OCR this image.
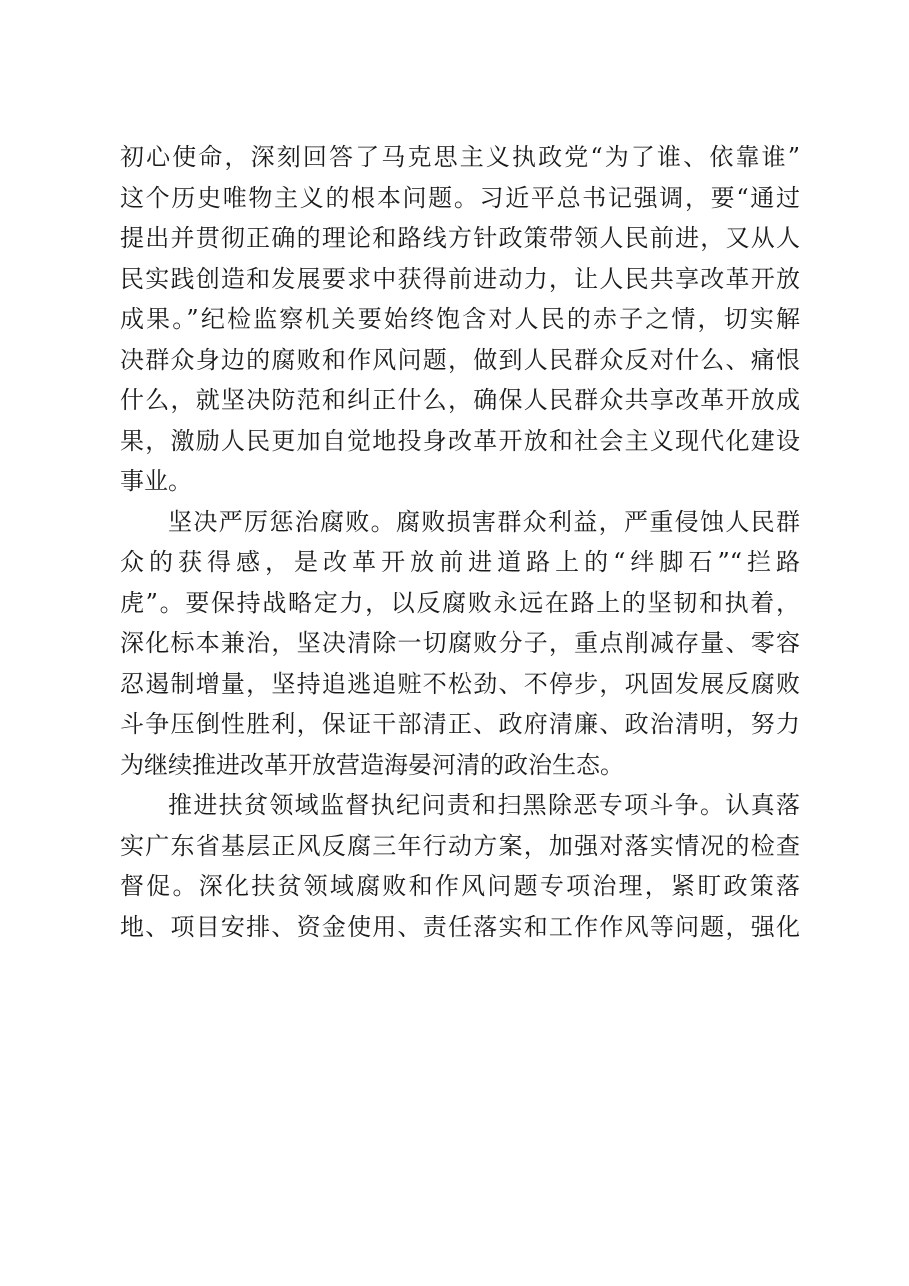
初心使命，深刻回答了马克思主义执政党“为了谁、依靠谁”
这个历史唯物主义的根本问题。习近平总书记强调，要“通过
提出并贯彻正确的理论和路线方针政策带领人民前进，又从人
民实践创造和发展要求中获得前进动力，让人民共享改革开放
成果。”纪检监察机关要始终饱含对人民的赤子之情，切实解
决群众身边的腐败和作风问题，做到人民群众反对什么、痛恨
什么，就坚决防范和纠正什么，确保人民群众共享改革开放成
果，激励人民更加自觉地投身改革开放和社会主义现代化建设
事业。
坚决严厉惩治腐败。腐败损害群众利益，严重侵蚀人民群
众的获得感，是改革开放前进道路上的“绊脚石”“拦路
虎”。要保持战略定力，以反腐败永远在路上的坚韧和执着，
深化标本兼治，坚决清除一切腐败分子，重点削减存量、零容
忍遏制增量，坚持追逃追赃不松劲、不停步，巩固发展反腐败
斗争压倒性胜利，保证干部清正、政府清廉、政治清明，努力
为继续推进改革开放营造海晏河清的政治生态。
推进扶贫领域监督执纪问责和扫黑除恶专项斗争。认真落
实广东省基层正风反腐三年行动方案，加强对落实情况的检查
督促。深化扶贫领域腐败和作风问题专项治理，紧盯政策落
地、项目安排、资金使用、责任落实和工作作风等问题，强化
